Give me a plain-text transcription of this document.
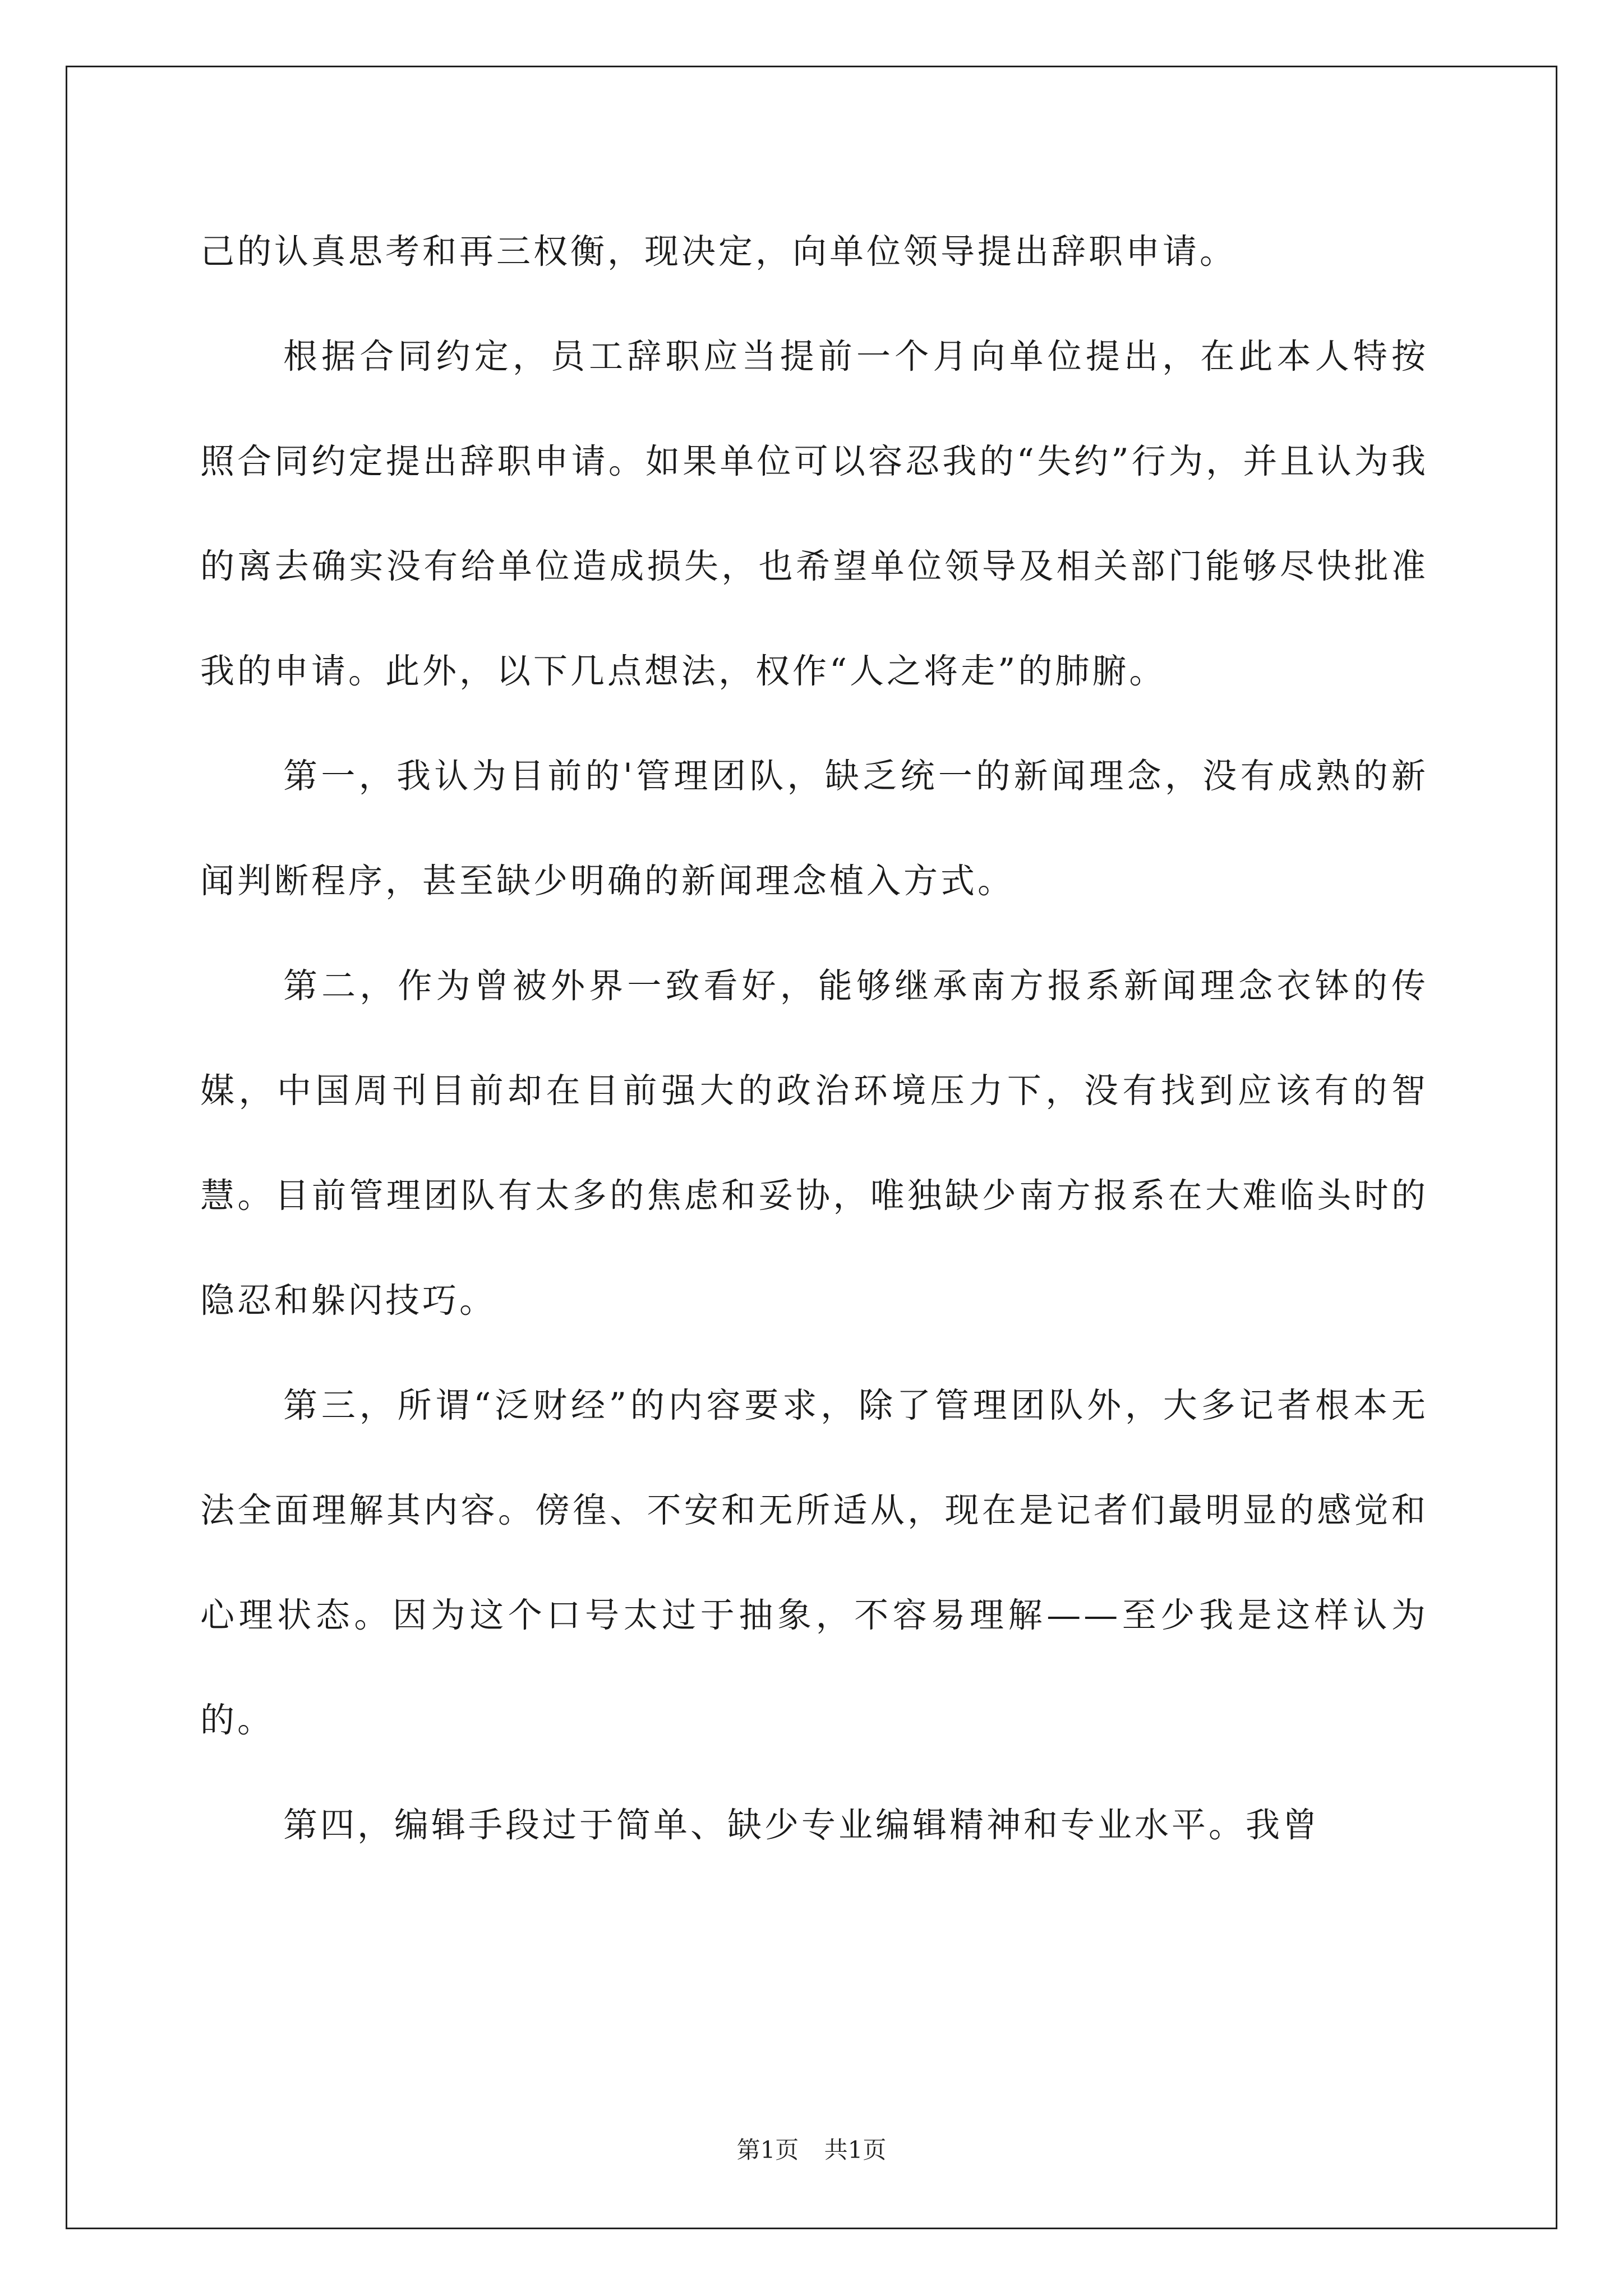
己的认真思考和再三权衡，现决定，向单位领导提出辞职申请。

根据合同约定，员工辞职应当提前一个月向单位提出，在此本人特按照合同约定提出辞职申请。如果单位可以容忍我的“失约”行为，并且认为我的离去确实没有给单位造成损失，也希望单位领导及相关部门能够尽快批准我的申请。此外，以下几点想法，权作“人之将走”的肺腑。

第一，我认为目前的'管理团队，缺乏统一的新闻理念，没有成熟的新闻判断程序，甚至缺少明确的新闻理念植入方式。

第二，作为曾被外界一致看好，能够继承南方报系新闻理念衣钵的传媒，中国周刊目前却在目前强大的政治环境压力下，没有找到应该有的智慧。目前管理团队有太多的焦虑和妥协，唯独缺少南方报系在大难临头时的隐忍和躲闪技巧。

第三，所谓“泛财经”的内容要求，除了管理团队外，大多记者根本无法全面理解其内容。傍徨、不安和无所适从，现在是记者们最明显的感觉和心理状态。因为这个口号太过于抽象，不容易理解——至少我是这样认为的。

第四，编辑手段过于简单、缺少专业编辑精神和专业水平。我曾

第1页 共1页
